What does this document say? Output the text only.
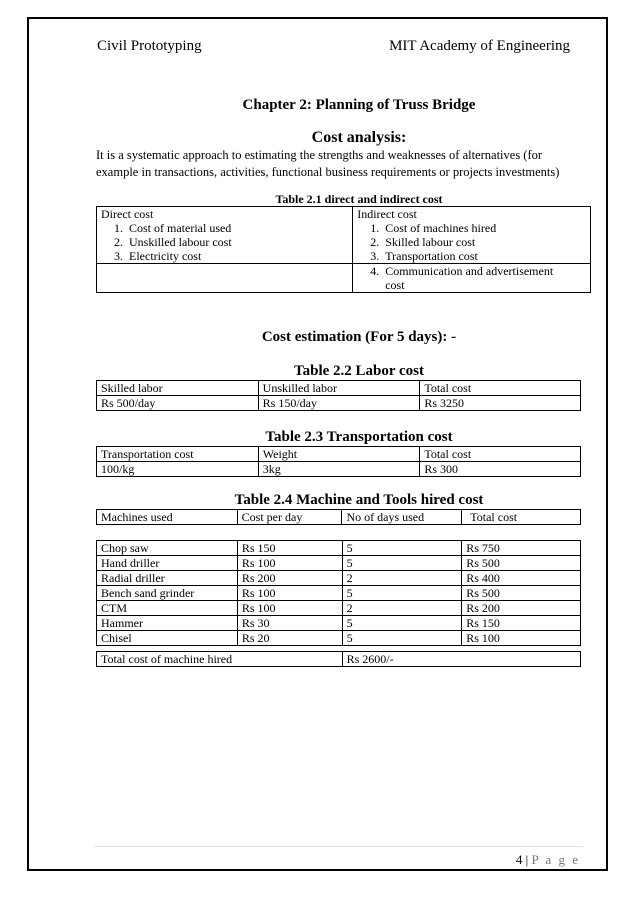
Civil Prototyping	MIT Academy of Engineering
Chapter 2: Planning of Truss Bridge
Cost analysis:
It is a systematic approach to estimating the strengths and weaknesses of alternatives (for example in transactions, activities, functional business requirements or projects investments)
Table 2.1 direct and indirect cost
Direct cost	Indirect cost
1. Cost of material used	1. Cost of machines hired
2. Unskilled labour cost	2. Skilled labour cost
3. Electricity cost	3. Transportation cost
	4. Communication and advertisement
	cost
Cost estimation (For 5 days): -
Table 2.2 Labor cost
Skilled labor	Unskilled labor	Total cost
Rs 500/day	Rs 150/day	Rs 3250
Table 2.3 Transportation cost
Transportation cost	Weight	Total cost
100/kg	3kg	Rs 300
Table 2.4 Machine and Tools hired cost
Machines used	Cost per day	No of days used	Total cost
Chop saw	Rs 150	5	Rs 750
Hand driller	Rs 100	5	Rs 500
Radial driller	Rs 200	2	Rs 400
Bench sand grinder	Rs 100	5	Rs 500
CTM	Rs 100	2	Rs 200
Hammer	Rs 30	5	Rs 150
Chisel	Rs 20	5	Rs 100
Total cost of machine hired	Rs 2600/-
4 | P a g e
